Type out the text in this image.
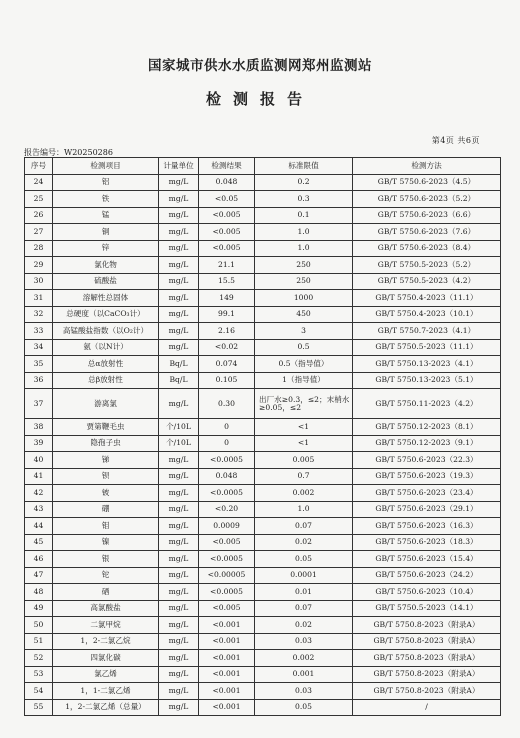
国家城市供水水质监测网郑州监测站
检测报告
第4页 共6页
报告编号：W20250286
序号	检测项目	计量单位	检测结果	标准限值	检测方法
24	铝	mg/L	0.048	0.2	GB/T 5750.6-2023（4.5）
25	铁	mg/L	<0.05	0.3	GB/T 5750.6-2023（5.2）
26	锰	mg/L	<0.005	0.1	GB/T 5750.6-2023（6.6）
27	铜	mg/L	<0.005	1.0	GB/T 5750.6-2023（7.6）
28	锌	mg/L	<0.005	1.0	GB/T 5750.6-2023（8.4）
29	氯化物	mg/L	21.1	250	GB/T 5750.5-2023（5.2）
30	硫酸盐	mg/L	15.5	250	GB/T 5750.5-2023（4.2）
31	溶解性总固体	mg/L	149	1000	GB/T 5750.4-2023（11.1）
32	总硬度（以CaCO₃计）	mg/L	99.1	450	GB/T 5750.4-2023（10.1）
33	高锰酸盐指数（以O₂计）	mg/L	2.16	3	GB/T 5750.7-2023（4.1）
34	氨（以N计）	mg/L	<0.02	0.5	GB/T 5750.5-2023（11.1）
35	总α放射性	Bq/L	0.074	0.5（指导值）	GB/T 5750.13-2023（4.1）
36	总β放射性	Bq/L	0.105	1（指导值）	GB/T 5750.13-2023（5.1）
37	游离氯	mg/L	0.30	出厂水≥0.3，≤2；末梢水≥0.05，≤2	GB/T 5750.11-2023（4.2）
38	贾第鞭毛虫	个/10L	0	<1	GB/T 5750.12-2023（8.1）
39	隐孢子虫	个/10L	0	<1	GB/T 5750.12-2023（9.1）
40	锑	mg/L	<0.0005	0.005	GB/T 5750.6-2023（22.3）
41	钡	mg/L	0.048	0.7	GB/T 5750.6-2023（19.3）
42	铍	mg/L	<0.0005	0.002	GB/T 5750.6-2023（23.4）
43	硼	mg/L	<0.20	1.0	GB/T 5750.6-2023（29.1）
44	钼	mg/L	0.0009	0.07	GB/T 5750.6-2023（16.3）
45	镍	mg/L	<0.005	0.02	GB/T 5750.6-2023（18.3）
46	银	mg/L	<0.0005	0.05	GB/T 5750.6-2023（15.4）
47	铊	mg/L	<0.00005	0.0001	GB/T 5750.6-2023（24.2）
48	硒	mg/L	<0.0005	0.01	GB/T 5750.6-2023（10.4）
49	高氯酸盐	mg/L	<0.005	0.07	GB/T 5750.5-2023（14.1）
50	二氯甲烷	mg/L	<0.001	0.02	GB/T 5750.8-2023（附录A）
51	1，2-二氯乙烷	mg/L	<0.001	0.03	GB/T 5750.8-2023（附录A）
52	四氯化碳	mg/L	<0.001	0.002	GB/T 5750.8-2023（附录A）
53	氯乙烯	mg/L	<0.001	0.001	GB/T 5750.8-2023（附录A）
54	1，1-二氯乙烯	mg/L	<0.001	0.03	GB/T 5750.8-2023（附录A）
55	1，2-二氯乙烯（总量）	mg/L	<0.001	0.05	/
